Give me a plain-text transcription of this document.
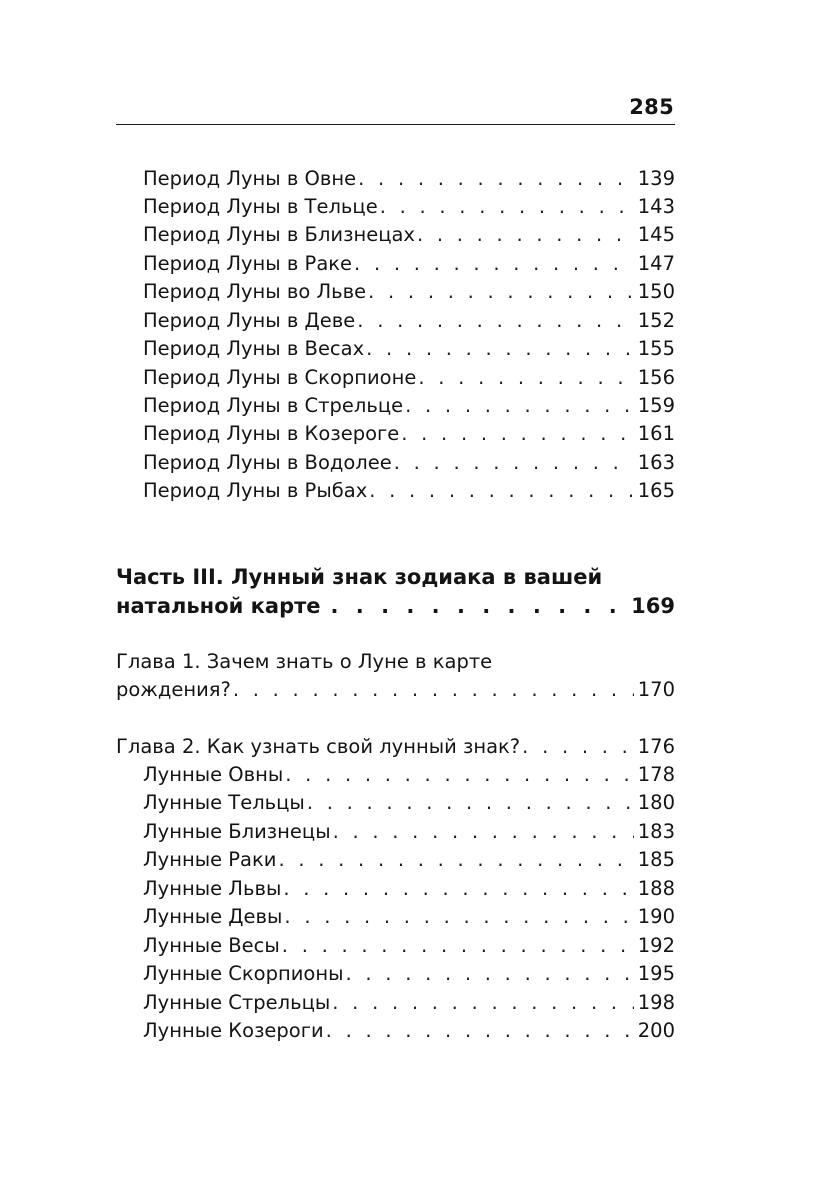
285
Период Луны в Овне . . .	139
Период Луны в Тельце . . .	143
Период Луны в Близнецах . . .	145
Период Луны в Раке . . .	147
Период Луны во Льве . . .	150
Период Луны в Деве . . .	152
Период Луны в Весах . . .	155
Период Луны в Скорпионе . . .	156
Период Луны в Стрельце . . .	159
Период Луны в Козероге . . .	161
Период Луны в Водолее . . .	163
Период Луны в Рыбах . . .	165
Часть III. Лунный знак зодиака в вашей
натальной карте . . .	169
Глава 1. Зачем знать о Луне в карте
рождения? . . .	170
Глава 2. Как узнать свой лунный знак? . . .	176
Лунные Овны . . .	178
Лунные Тельцы . . .	180
Лунные Близнецы . . .	183
Лунные Раки . . .	185
Лунные Львы . . .	188
Лунные Девы . . .	190
Лунные Весы . . .	192
Лунные Скорпионы . . .	195
Лунные Стрельцы . . .	198
Лунные Козероги . . .	200
